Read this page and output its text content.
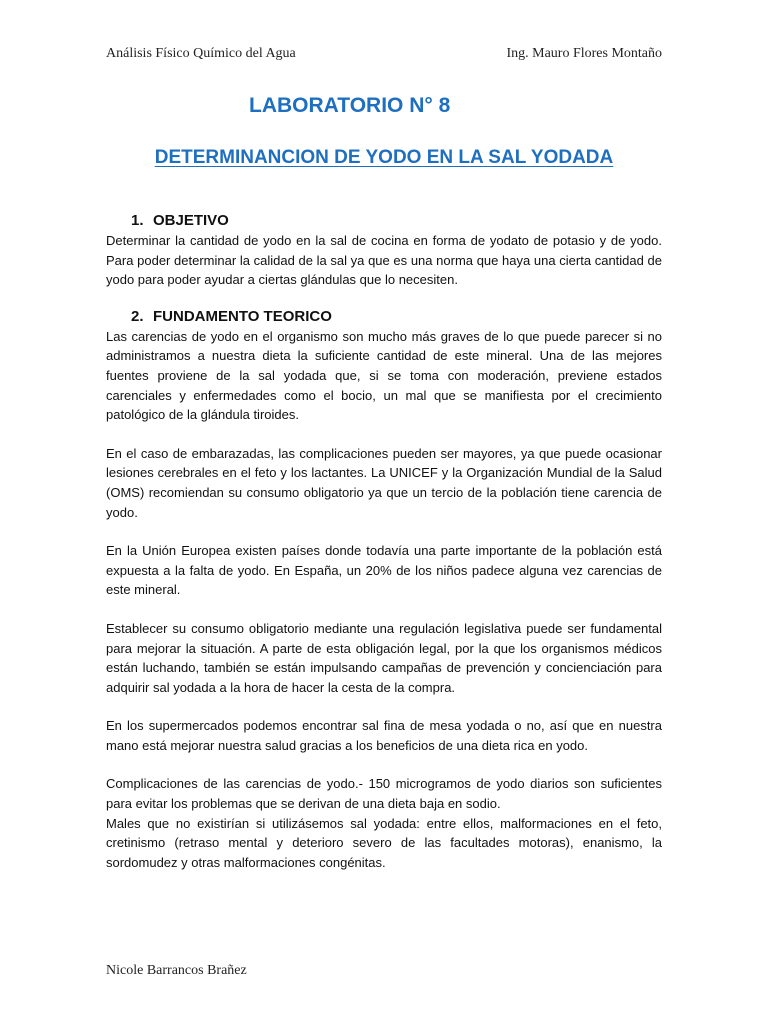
Análisis Físico Químico del Agua	Ing. Mauro Flores Montaño

LABORATORIO N° 8
DETERMINANCION DE YODO EN LA SAL YODADA
1. OBJETIVO

Determinar la cantidad de yodo en la sal de cocina en forma de yodato de potasio y de yodo. Para poder determinar la calidad de la sal ya que es una norma que haya una cierta cantidad de yodo para poder ayudar a ciertas glándulas que lo necesiten.

2. FUNDAMENTO TEORICO

Las carencias de yodo en el organismo son mucho más graves de lo que puede parecer si no administramos a nuestra dieta la suficiente cantidad de este mineral. Una de las mejores fuentes proviene de la sal yodada que, si se toma con moderación, previene estados carenciales y enfermedades como el bocio, un mal que se manifiesta por el crecimiento patológico de la glándula tiroides.

En el caso de embarazadas, las complicaciones pueden ser mayores, ya que puede ocasionar lesiones cerebrales en el feto y los lactantes. La UNICEF y la Organización Mundial de la Salud (OMS) recomiendan su consumo obligatorio ya que un tercio de la población tiene carencia de yodo.

En la Unión Europea existen países donde todavía una parte importante de la población está expuesta a la falta de yodo. En España, un 20% de los niños padece alguna vez carencias de este mineral.

Establecer su consumo obligatorio mediante una regulación legislativa puede ser fundamental para mejorar la situación. A parte de esta obligación legal, por la que los organismos médicos están luchando, también se están impulsando campañas de prevención y concienciación para adquirir sal yodada a la hora de hacer la cesta de la compra.

En los supermercados podemos encontrar sal fina de mesa yodada o no, así que en nuestra mano está mejorar nuestra salud gracias a los beneficios de una dieta rica en yodo.

Complicaciones de las carencias de yodo.- 150 microgramos de yodo diarios son suficientes para evitar los problemas que se derivan de una dieta baja en sodio.

Males que no existirían si utilizásemos sal yodada: entre ellos, malformaciones en el feto, cretinismo (retraso mental y deterioro severo de las facultades motoras), enanismo, la sordomudez y otras malformaciones congénitas.

Nicole Barrancos Brañez
